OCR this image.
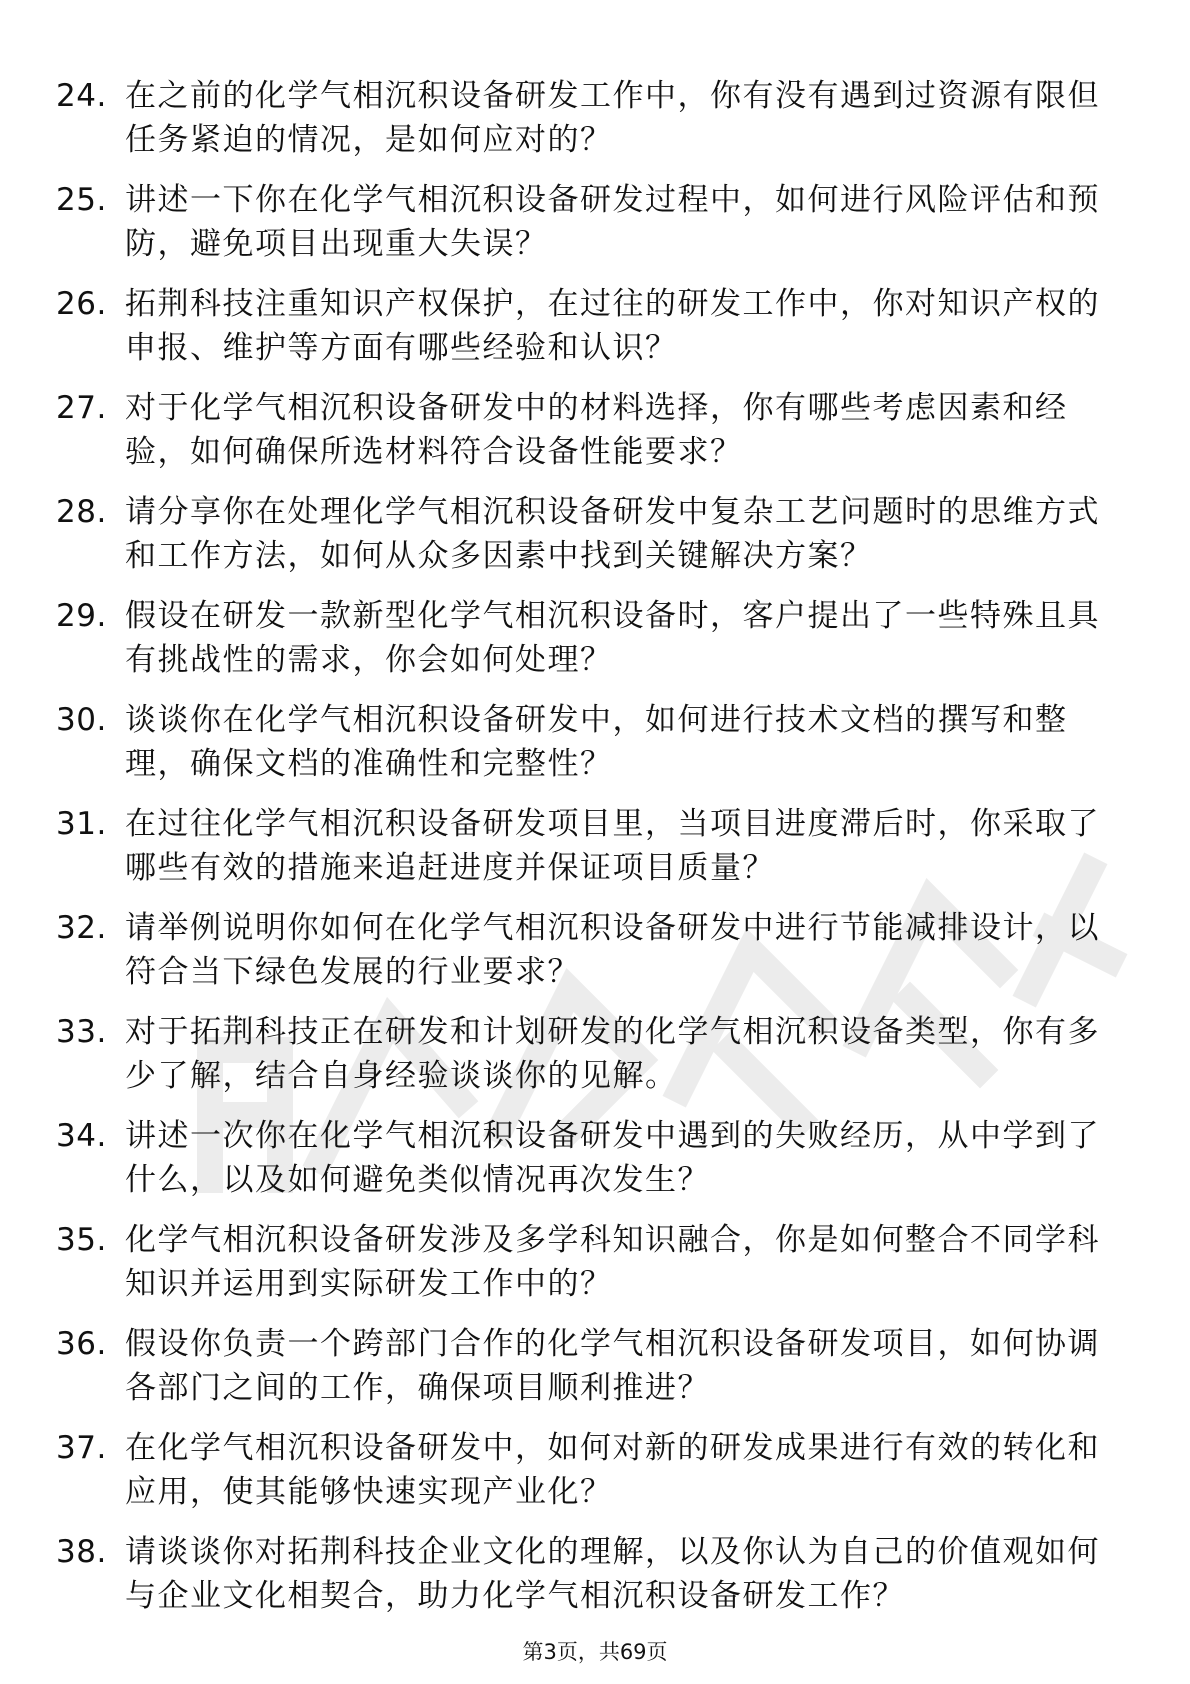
24. 在之前的化学气相沉积设备研发工作中，你有没有遇到过资源有限但任务紧迫的情况，是如何应对的？
25. 讲述一下你在化学气相沉积设备研发过程中，如何进行风险评估和预防，避免项目出现重大失误？
26. 拓荆科技注重知识产权保护，在过往的研发工作中，你对知识产权的申报、维护等方面有哪些经验和认识？
27. 对于化学气相沉积设备研发中的材料选择，你有哪些考虑因素和经验，如何确保所选材料符合设备性能要求？
28. 请分享你在处理化学气相沉积设备研发中复杂工艺问题时的思维方式和工作方法，如何从众多因素中找到关键解决方案？
29. 假设在研发一款新型化学气相沉积设备时，客户提出了一些特殊且具有挑战性的需求，你会如何处理？
30. 谈谈你在化学气相沉积设备研发中，如何进行技术文档的撰写和整理，确保文档的准确性和完整性？
31. 在过往化学气相沉积设备研发项目里，当项目进度滞后时，你采取了哪些有效的措施来追赶进度并保证项目质量？
32. 请举例说明你如何在化学气相沉积设备研发中进行节能减排设计，以符合当下绿色发展的行业要求？
33. 对于拓荆科技正在研发和计划研发的化学气相沉积设备类型，你有多少了解，结合自身经验谈谈你的见解。
34. 讲述一次你在化学气相沉积设备研发中遇到的失败经历，从中学到了什么，以及如何避免类似情况再次发生？
35. 化学气相沉积设备研发涉及多学科知识融合，你是如何整合不同学科知识并运用到实际研发工作中的？
36. 假设你负责一个跨部门合作的化学气相沉积设备研发项目，如何协调各部门之间的工作，确保项目顺利推进？
37. 在化学气相沉积设备研发中，如何对新的研发成果进行有效的转化和应用，使其能够快速实现产业化？
38. 请谈谈你对拓荆科技企业文化的理解，以及你认为自己的价值观如何与企业文化相契合，助力化学气相沉积设备研发工作？
第3页，共69页
